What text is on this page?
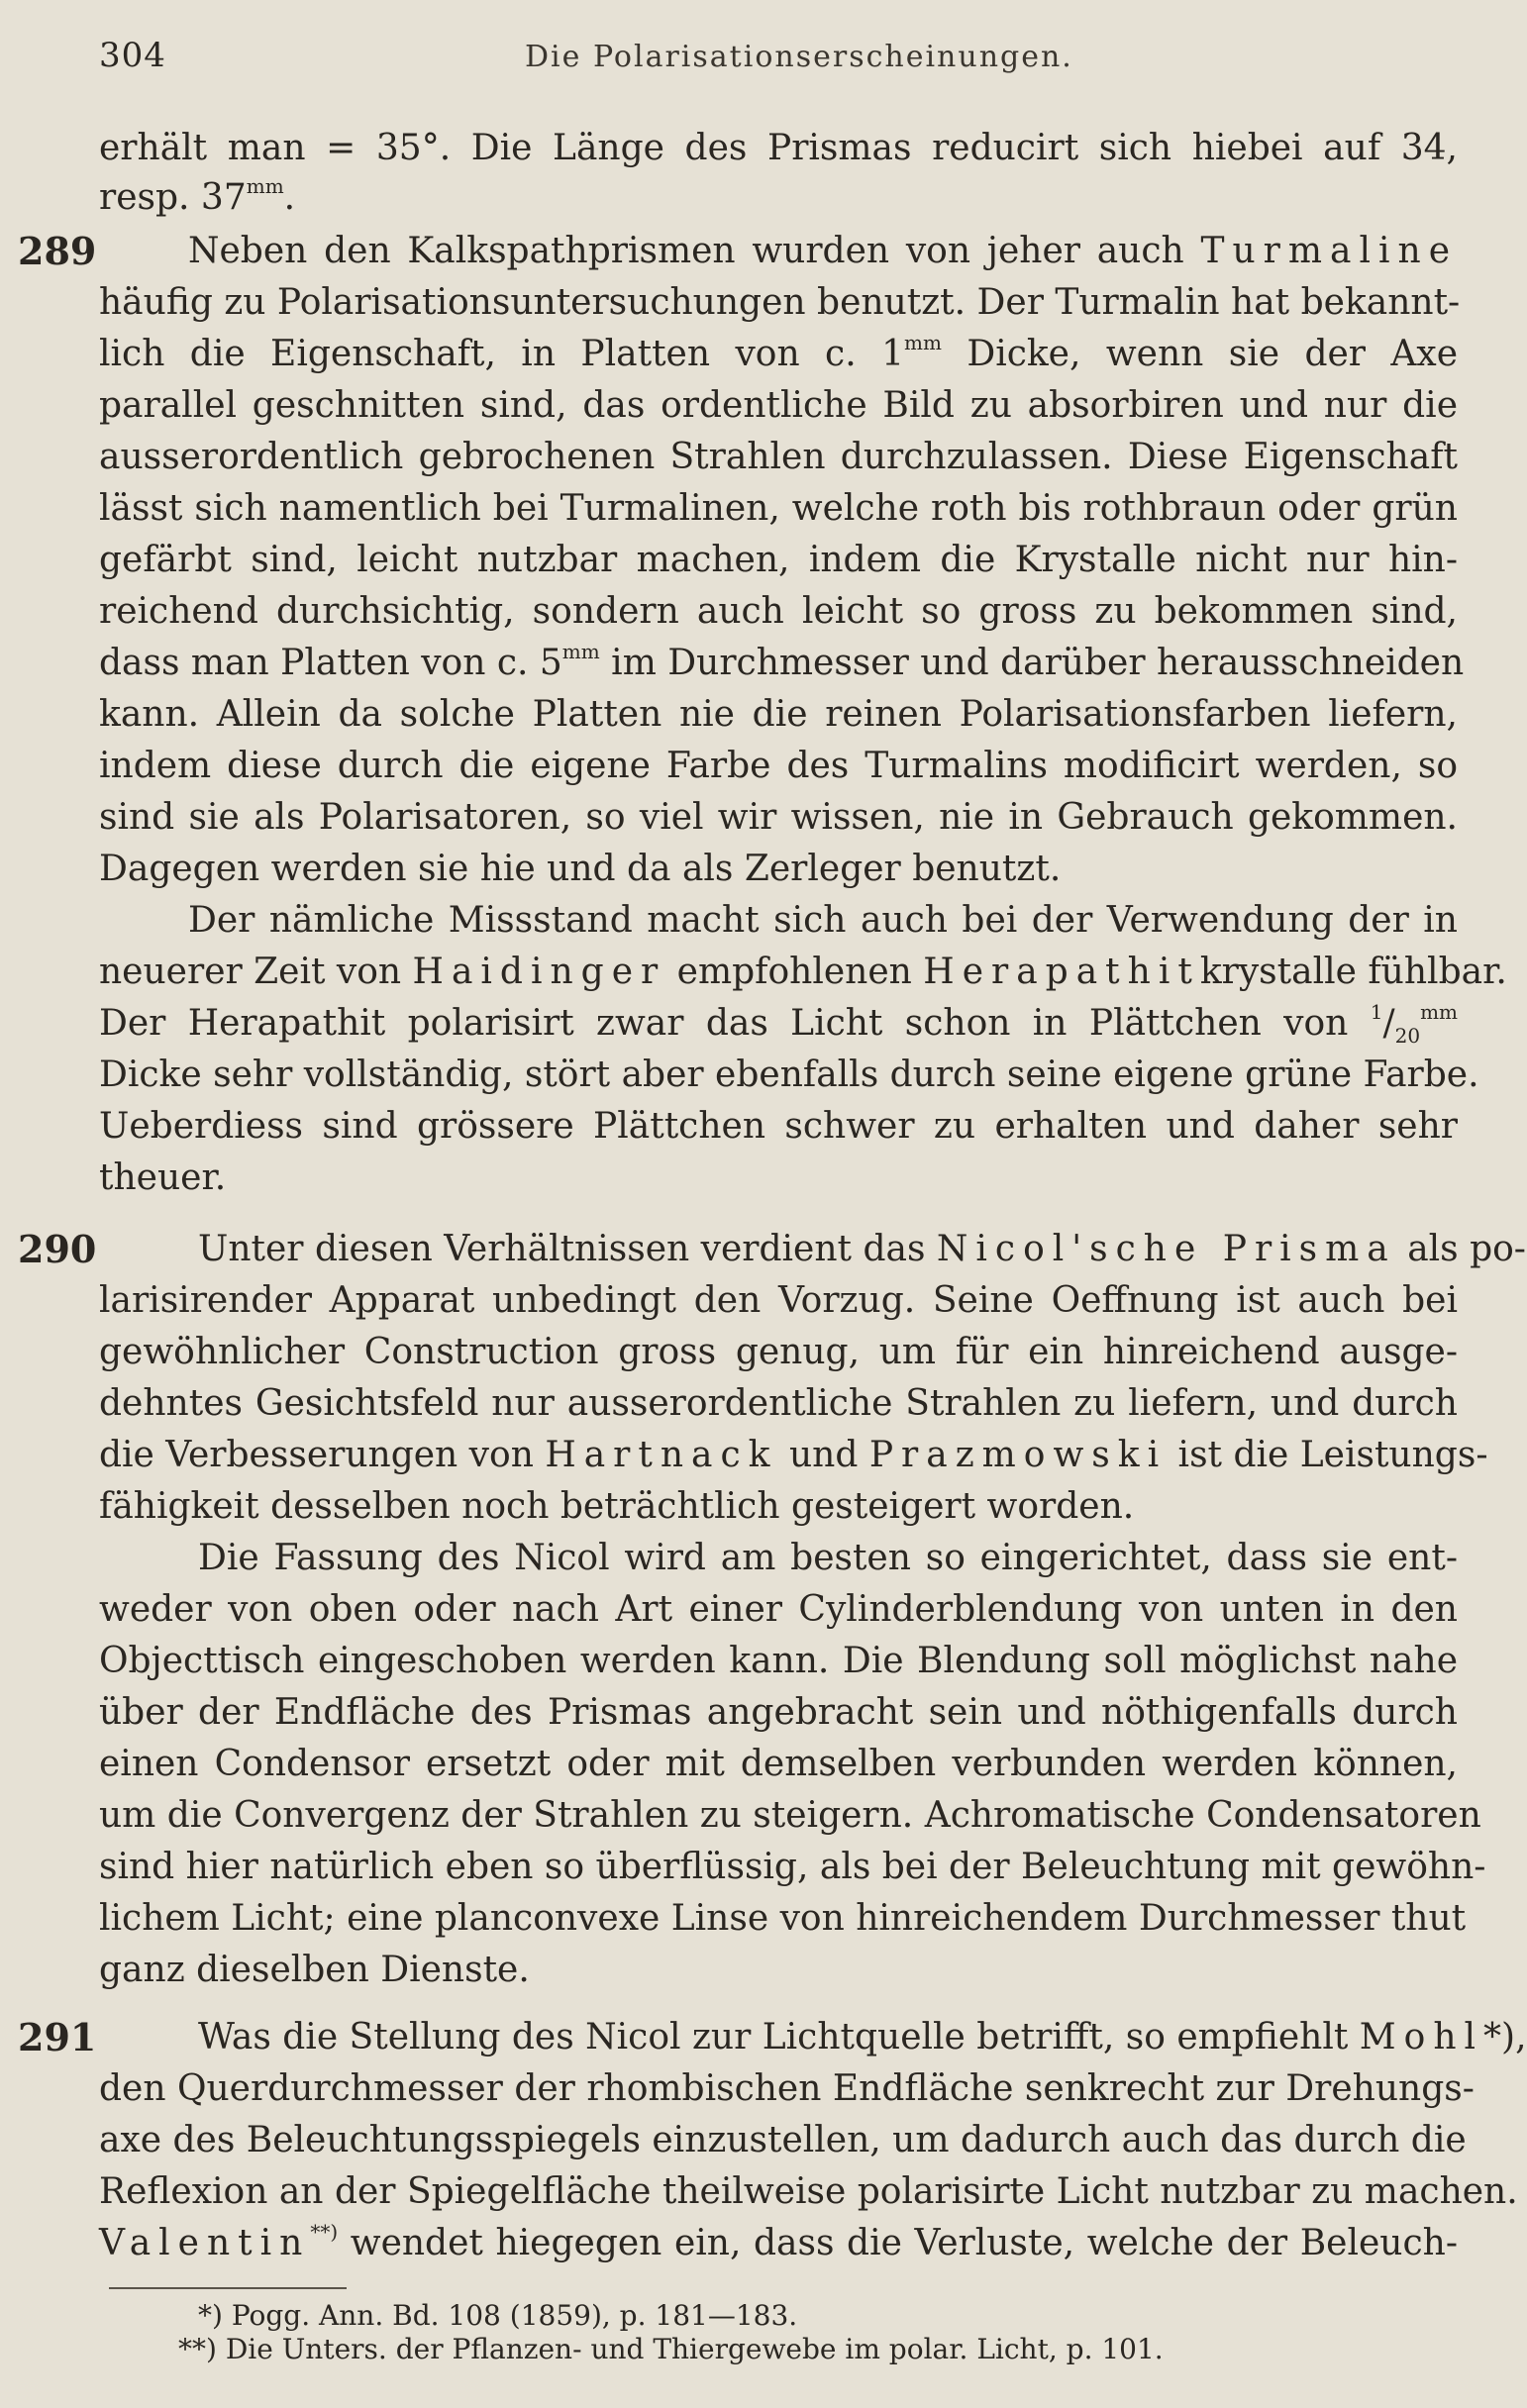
304	Die Polarisationserscheinungen.
erhält man = 35°. Die Länge des Prismas reducirt sich hiebei auf 34,
resp. $37^{mm}$.
289	Neben den Kalkspathprismen wurden von jeher auch Turmaline
häufig zu Polarisationsuntersuchungen benutzt. Der Turmalin hat bekannt-
lich die Eigenschaft, in Platten von c. $1^{mm}$ Dicke, wenn sie der Axe
parallel geschnitten sind, das ordentliche Bild zu absorbiren und nur die
ausserordentlich gebrochenen Strahlen durchzulassen. Diese Eigenschaft
lässt sich namentlich bei Turmalinen, welche roth bis rothbraun oder grün
gefärbt sind, leicht nutzbar machen, indem die Krystalle nicht nur hin-
reichend durchsichtig, sondern auch leicht so gross zu bekommen sind,
dass man Platten von c. $5^{mm}$ im Durchmesser und darüber herausschneiden
kann. Allein da solche Platten nie die reinen Polarisationsfarben liefern,
indem diese durch die eigene Farbe des Turmalins modificirt werden, so
sind sie als Polarisatoren, so viel wir wissen, nie in Gebrauch gekommen.
Dagegen werden sie hie und da als Zerleger benutzt.
Der nämliche Missstand macht sich auch bei der Verwendung der in
neuerer Zeit von Haidinger empfohlenen Herapathitkrystalle fühlbar.
Der Herapathit polarisirt zwar das Licht schon in Plättchen von $^1/_{20}^{mm}$
Dicke sehr vollständig, stört aber ebenfalls durch seine eigene grüne Farbe.
Ueberdiess sind grössere Plättchen schwer zu erhalten und daher sehr
theuer.
290	Unter diesen Verhältnissen verdient das Nicol'sche Prisma als po-
larisirender Apparat unbedingt den Vorzug. Seine Oeffnung ist auch bei
gewöhnlicher Construction gross genug, um für ein hinreichend ausge-
dehntes Gesichtsfeld nur ausserordentliche Strahlen zu liefern, und durch
die Verbesserungen von Hartnack und Prazmowski ist die Leistungs-
fähigkeit desselben noch beträchtlich gesteigert worden.
Die Fassung des Nicol wird am besten so eingerichtet, dass sie ent-
weder von oben oder nach Art einer Cylinderblendung von unten in den
Objecttisch eingeschoben werden kann. Die Blendung soll möglichst nahe
über der Endfläche des Prismas angebracht sein und nöthigenfalls durch
einen Condensor ersetzt oder mit demselben verbunden werden können,
um die Convergenz der Strahlen zu steigern. Achromatische Condensatoren
sind hier natürlich eben so überflüssig, als bei der Beleuchtung mit gewöhn-
lichem Licht; eine planconvexe Linse von hinreichendem Durchmesser thut
ganz dieselben Dienste.
291	Was die Stellung des Nicol zur Lichtquelle betrifft, so empfiehlt Mohl*),
den Querdurchmesser der rhombischen Endfläche senkrecht zur Drehungs-
axe des Beleuchtungsspiegels einzustellen, um dadurch auch das durch die
Reflexion an der Spiegelfläche theilweise polarisirte Licht nutzbar zu machen.
Valentin**) wendet hiegegen ein, dass die Verluste, welche der Beleuch-
*) Pogg. Ann. Bd. 108 (1859), p. 181—183.
**) Die Unters. der Pflanzen- und Thiergewebe im polar. Licht, p. 101.
